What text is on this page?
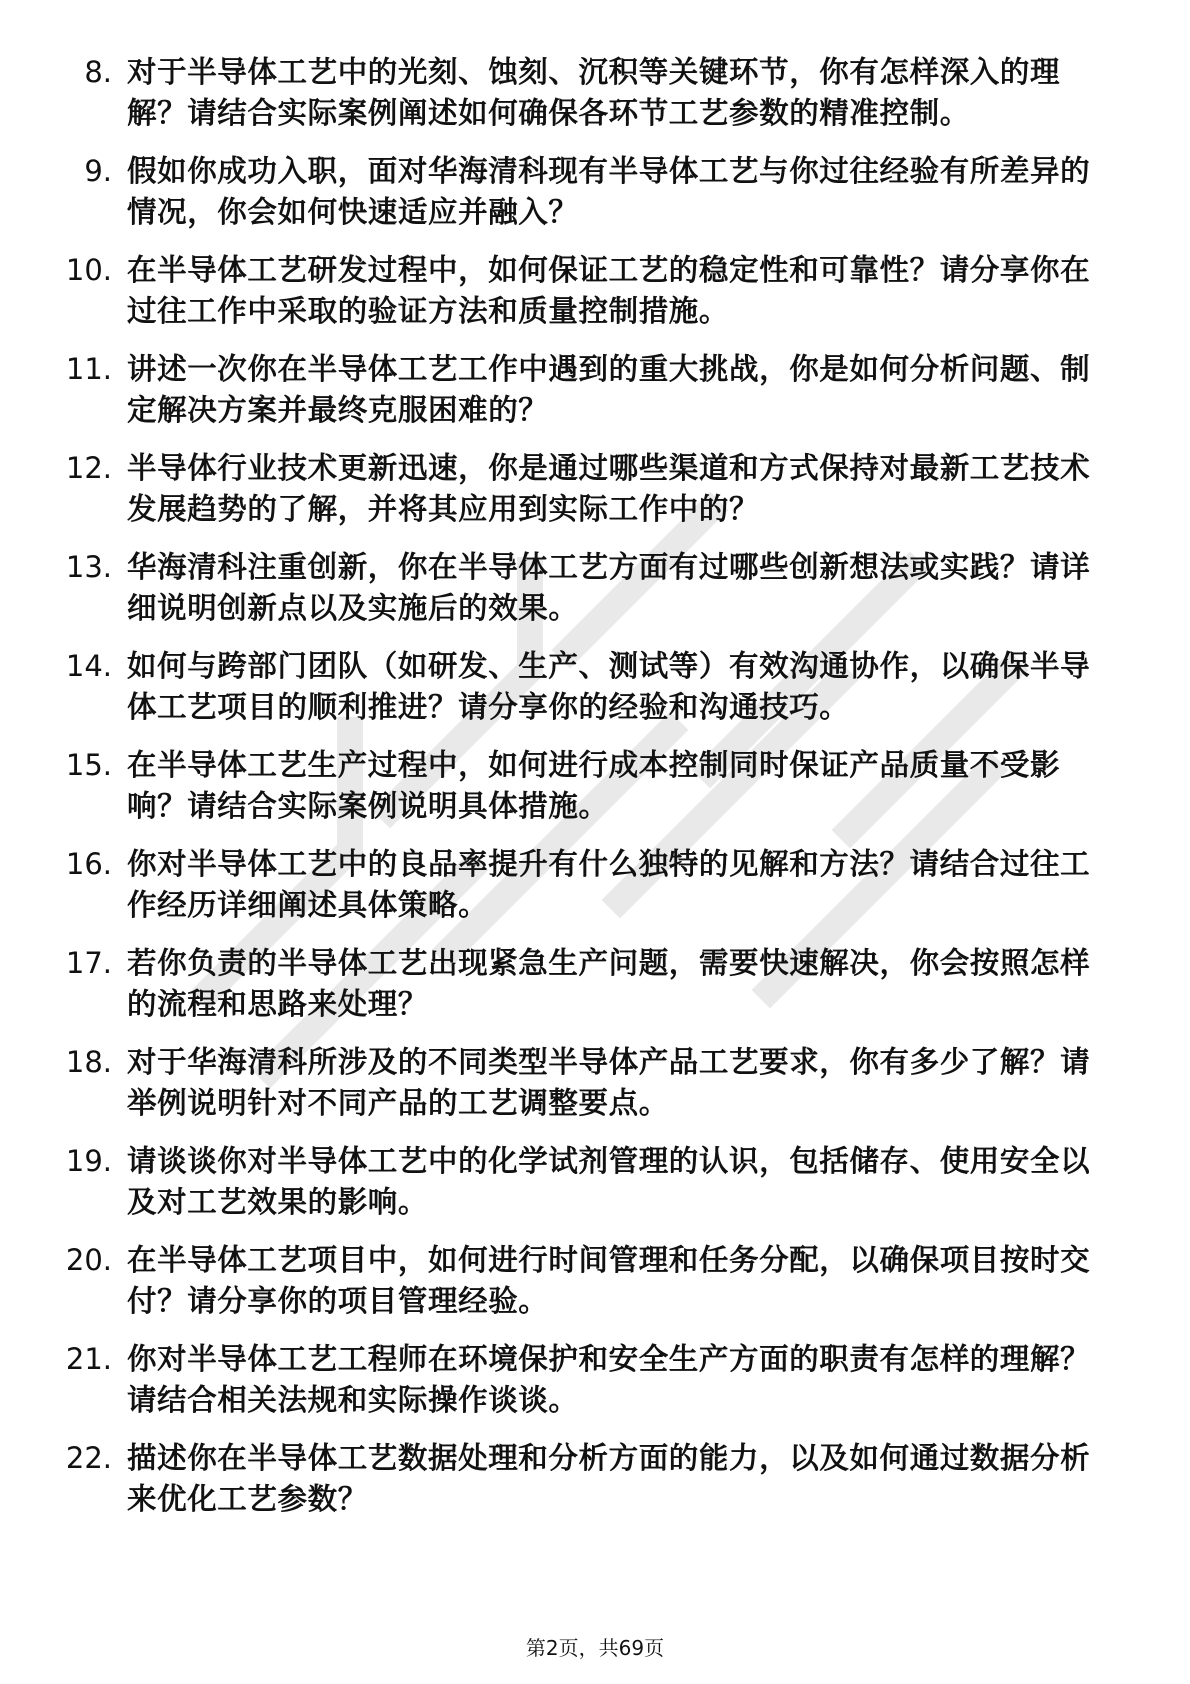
8. 对于半导体工艺中的光刻、蚀刻、沉积等关键环节，你有怎样深入的理解？请结合实际案例阐述如何确保各环节工艺参数的精准控制。
9. 假如你成功入职，面对华海清科现有半导体工艺与你过往经验有所差异的情况，你会如何快速适应并融入？
10. 在半导体工艺研发过程中，如何保证工艺的稳定性和可靠性？请分享你在过往工作中采取的验证方法和质量控制措施。
11. 讲述一次你在半导体工艺工作中遇到的重大挑战，你是如何分析问题、制定解决方案并最终克服困难的？
12. 半导体行业技术更新迅速，你是通过哪些渠道和方式保持对最新工艺技术发展趋势的了解，并将其应用到实际工作中的？
13. 华海清科注重创新，你在半导体工艺方面有过哪些创新想法或实践？请详细说明创新点以及实施后的效果。
14. 如何与跨部门团队（如研发、生产、测试等）有效沟通协作，以确保半导体工艺项目的顺利推进？请分享你的经验和沟通技巧。
15. 在半导体工艺生产过程中，如何进行成本控制同时保证产品质量不受影响？请结合实际案例说明具体措施。
16. 你对半导体工艺中的良品率提升有什么独特的见解和方法？请结合过往工作经历详细阐述具体策略。
17. 若你负责的半导体工艺出现紧急生产问题，需要快速解决，你会按照怎样的流程和思路来处理？
18. 对于华海清科所涉及的不同类型半导体产品工艺要求，你有多少了解？请举例说明针对不同产品的工艺调整要点。
19. 请谈谈你对半导体工艺中的化学试剂管理的认识，包括储存、使用安全以及对工艺效果的影响。
20. 在半导体工艺项目中，如何进行时间管理和任务分配，以确保项目按时交付？请分享你的项目管理经验。
21. 你对半导体工艺工程师在环境保护和安全生产方面的职责有怎样的理解？请结合相关法规和实际操作谈谈。
22. 描述你在半导体工艺数据处理和分析方面的能力，以及如何通过数据分析来优化工艺参数？
第2页，共69页
